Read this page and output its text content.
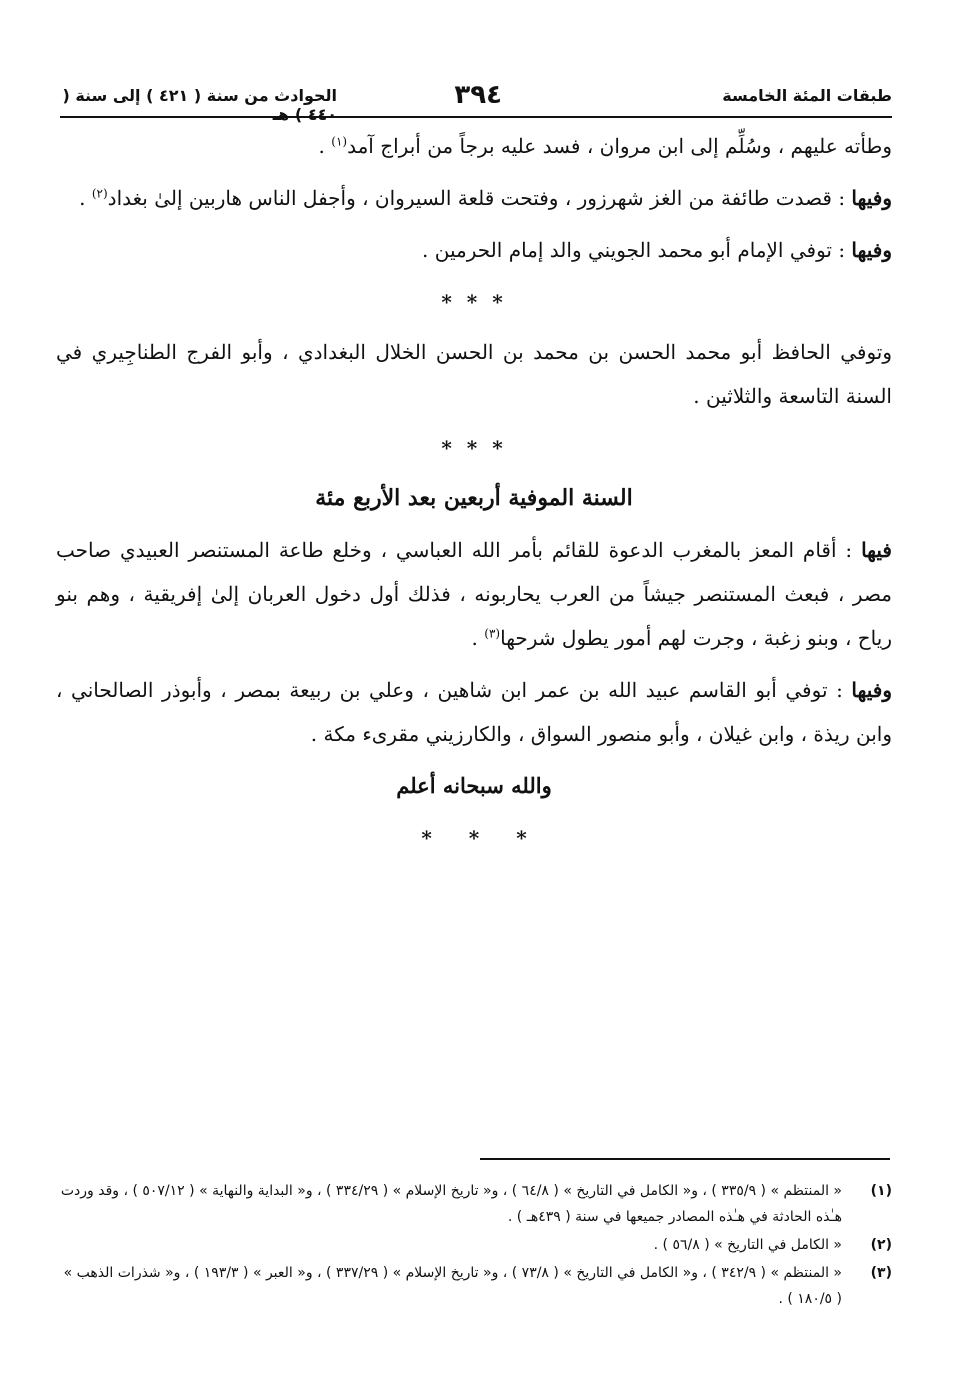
طبقات المئة الخامسة
٣٩٤
الحوادث من سنة ( ٤٢١ ) إلى سنة ( ٤٤٠ ) هـ

وطأته عليهم ، وسُلِّم إلى ابن مروان ، فسد عليه برجاً من أبراج آمد$^{(١)}$ .

وفيها : قصدت طائفة من الغز شهرزور ، وفتحت قلعة السيروان ، وأجفل الناس هاربين إلىٰ بغداد$^{(٢)}$ .

وفيها : توفي الإمام أبو محمد الجويني والد إمام الحرمين .

* * *

وتوفي الحافظ أبو محمد الحسن بن محمد بن الحسن الخلال البغدادي ، وأبو الفرج الطناجِيري في السنة التاسعة والثلاثين .

* * *
السنة الموفية أربعين بعد الأربع مئة

فيها : أقام المعز بالمغرب الدعوة للقائم بأمر الله العباسي ، وخلع طاعة المستنصر العبيدي صاحب مصر ، فبعث المستنصر جيشاً من العرب يحاربونه ، فذلك أول دخول العربان إلىٰ إفريقية ، وهم بنو رياح ، وبنو زغبة ، وجرت لهم أمور يطول شرحها$^{(٣)}$ .

وفيها : توفي أبو القاسم عبيد الله بن عمر ابن شاهين ، وعلي بن ربيعة بمصر ، وأبوذر الصالحاني ، وابن ريذة ، وابن غيلان ، وأبو منصور السواق ، والكارزيني مقرىء مكة .

والله سبحانه أعلم
* * *
(١)
« المنتظم » ( ٣٣٥/٩ ) ، و« الكامل في التاريخ » ( ٦٤/٨ ) ، و« تاريخ الإسلام » ( ٣٣٤/٢٩ ) ، و« البداية والنهاية » ( ٥٠٧/١٢ ) ، وقد وردت هـٰذه الحادثة في هـٰذه المصادر جميعها في سنة ( ٤٣٩هـ ) .
(٢)
« الكامل في التاريخ » ( ٥٦/٨ ) .
(٣)
« المنتظم » ( ٣٤٢/٩ ) ، و« الكامل في التاريخ » ( ٧٣/٨ ) ، و« تاريخ الإسلام » ( ٣٣٧/٢٩ ) ، و« العبر » ( ١٩٣/٣ ) ، و« شذرات الذهب » ( ١٨٠/٥ ) .
